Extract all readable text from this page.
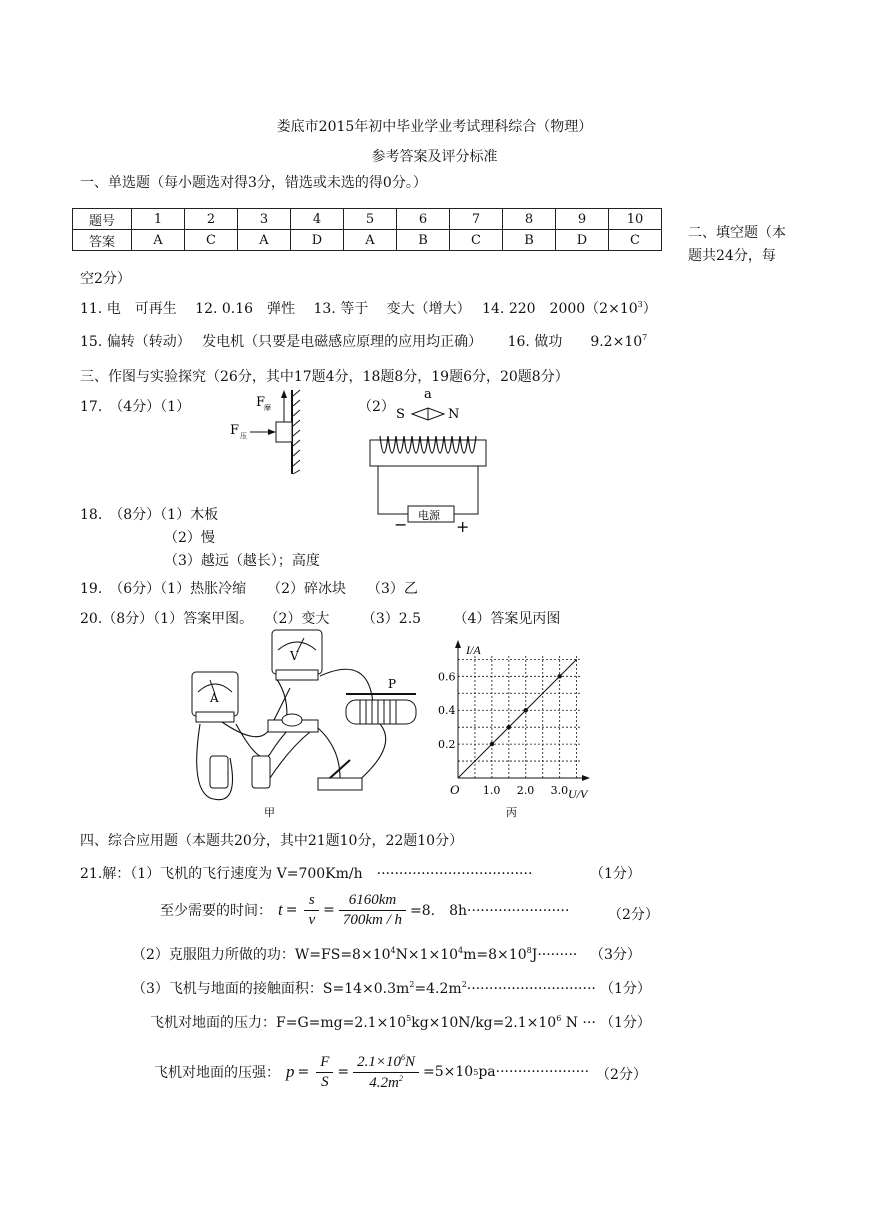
娄底市2015年初中毕业学业考试理科综合（物理）
参考答案及评分标准
一、单选题（每小题选对得3分，错选或未选的得0分。）
题号	1	2	3	4	5	6	7	8	9	10
答案	A	C	A	D	A	B	C	B	D	C	二、填空题（本题共24分，每
空2分）
11. 电　可再生　 12. 0.16　弹性　 13. 等于　 变大（增大）　 14. 220　$2000(2\times 10^3)$
15. 偏转（转动）　 发电机（只要是电磁感应原理的应用均正确）　　 16. 做功　　$9.2\times 10^7$
三、作图与实验探究（26分，其中17题4分，18题8分，19题6分，20题8分）
17.　（4分）（1）	（2）
F
摩
F 压
a
S	N
电源
−	+
18.　（8分）（1）木板
（2）慢
（3）越远（越长）；高度
19.　（6分）（1）热胀冷缩　　（2）碎冰块　　（3）乙
20.（8分）（1）答案甲图。　 （2）变大　　 （3）2.5　　 （4）答案见丙图
A
V
P
甲
I/A
U/V
O
0.2
0.4
0.6
1.0 2.0 3.0
丙
四、综合应用题（本题共20分，其中21题10分，22题10分）
21.解：（1）飞机的飞行速度为 V=700Km/h　···································	（1分）
至少需要的时间： $t = \frac{s}{v} = \frac{6160km}{700km / h} =8$.　8h·······················	（2分）
（2）克服阻力所做的功：$W=FS=8\times 10^4N\times 1\times 10^4m=8\times 10^8J\cdot\cdot\cdot\cdot\cdot\cdot\cdot\cdot\cdot (3$分）
（3）飞机与地面的接触面积：$S=14\times 0.3m^2=4.2m^2\cdot\cdot\cdot\cdot\cdot\cdot\cdot\cdot\cdot\cdot\cdot\cdot\cdot\cdot\cdot\cdot\cdot\cdot\cdot\cdot\cdot\cdot\cdot\cdot\cdot\cdot\cdot\cdot\cdot (1$分）
飞机对地面的压力：$F=G=mg=2.1\times 10^5kg\times 10N/kg=2.1\times 10^6$ N ··· （1分）
飞机对地面的压强： $p = \frac{F}{S} = \frac{2.1\times 10^6N}{4.2m^2} =5\times 10$ 5 pa····················· （2分）
